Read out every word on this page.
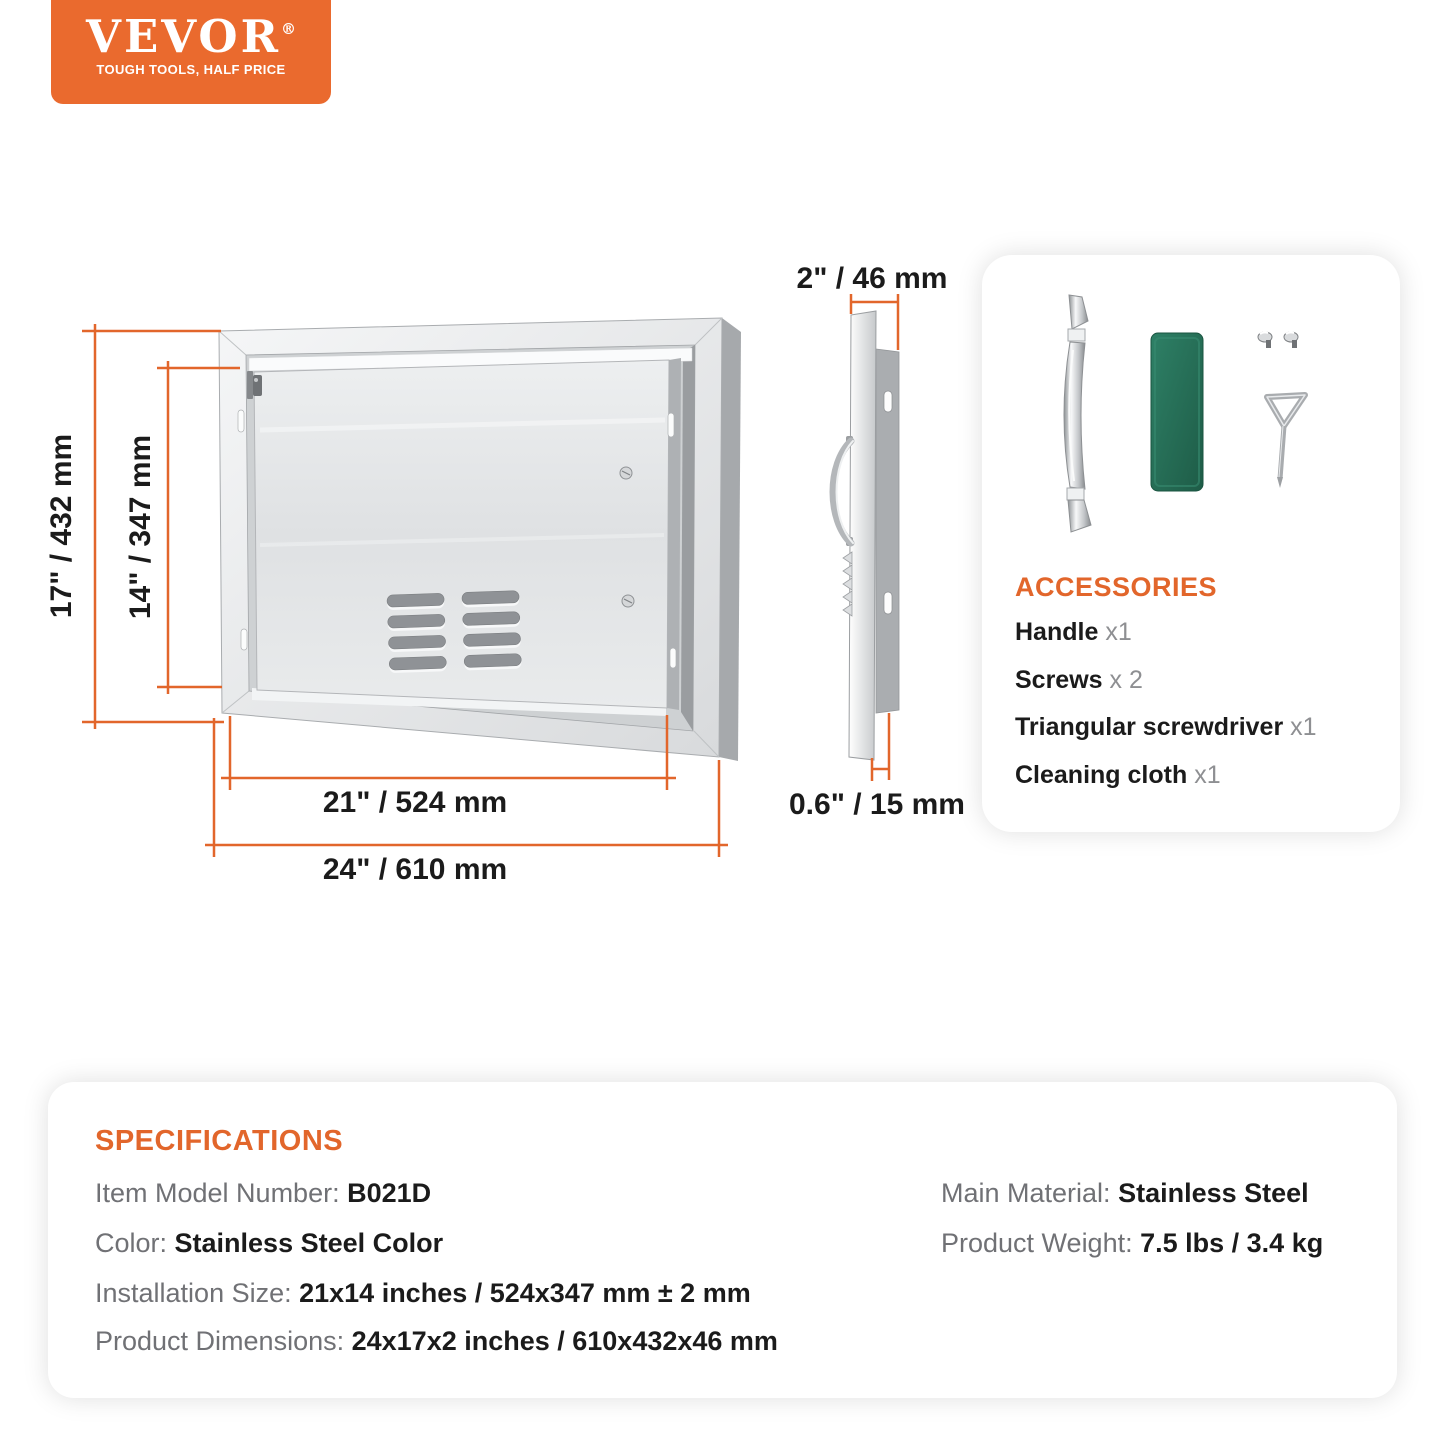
VEVOR®
TOUGH TOOLS, HALF PRICE
ACCESSORIES
Handle x1
Screws x 2
Triangular screwdriver x1
Cleaning cloth x1
SPECIFICATIONS
Item Model Number: B021D
Color: Stainless Steel Color
Installation Size: 21x14 inches / 524x347 mm ± 2 mm
Product Dimensions: 24x17x2 inches / 610x432x46 mm
Main Material: Stainless Steel
Product Weight: 7.5 lbs / 3.4 kg
17" / 432 mm 14" / 347 mm
21" / 524 mm
24" / 610 mm
2" / 46 mm
0.6" / 15 mm
